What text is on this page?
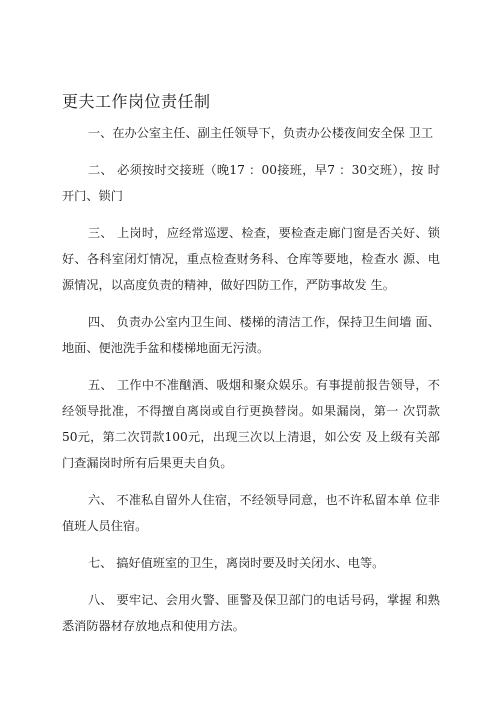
更夫工作岗位责任制

一、在办公室主任、副主任领导下，负责办公楼夜间安全保 卫工

二、 必须按时交接班（晚17 ：00接班，早7 ：30交班），按 时开门、锁门

三、 上岗时，应经常巡逻、检查，要检查走廊门窗是否关好、锁好、各科室闭灯情况，重点检查财务科、仓库等要地，检查水 源、电源情况，以高度负责的精神，做好四防工作，严防事故发 生。

四、 负责办公室内卫生间、楼梯的清洁工作，保持卫生间墙 面、地面、便池洗手盆和楼梯地面无污渍。

五、 工作中不准酗酒、吸烟和聚众娱乐。有事提前报告领导，不经领导批准，不得擅自离岗或自行更换替岗。如果漏岗，第一 次罚款50元，第二次罚款100元，出现三次以上清退，如公安 及上级有关部门查漏岗时所有后果更夫自负。

六、 不准私自留外人住宿，不经领导同意，也不许私留本单 位非值班人员住宿。

七、 搞好值班室的卫生，离岗时要及时关闭水、电等。

八、 要牢记、会用火警、匪警及保卫部门的电话号码，掌握 和熟悉消防器材存放地点和使用方法。
